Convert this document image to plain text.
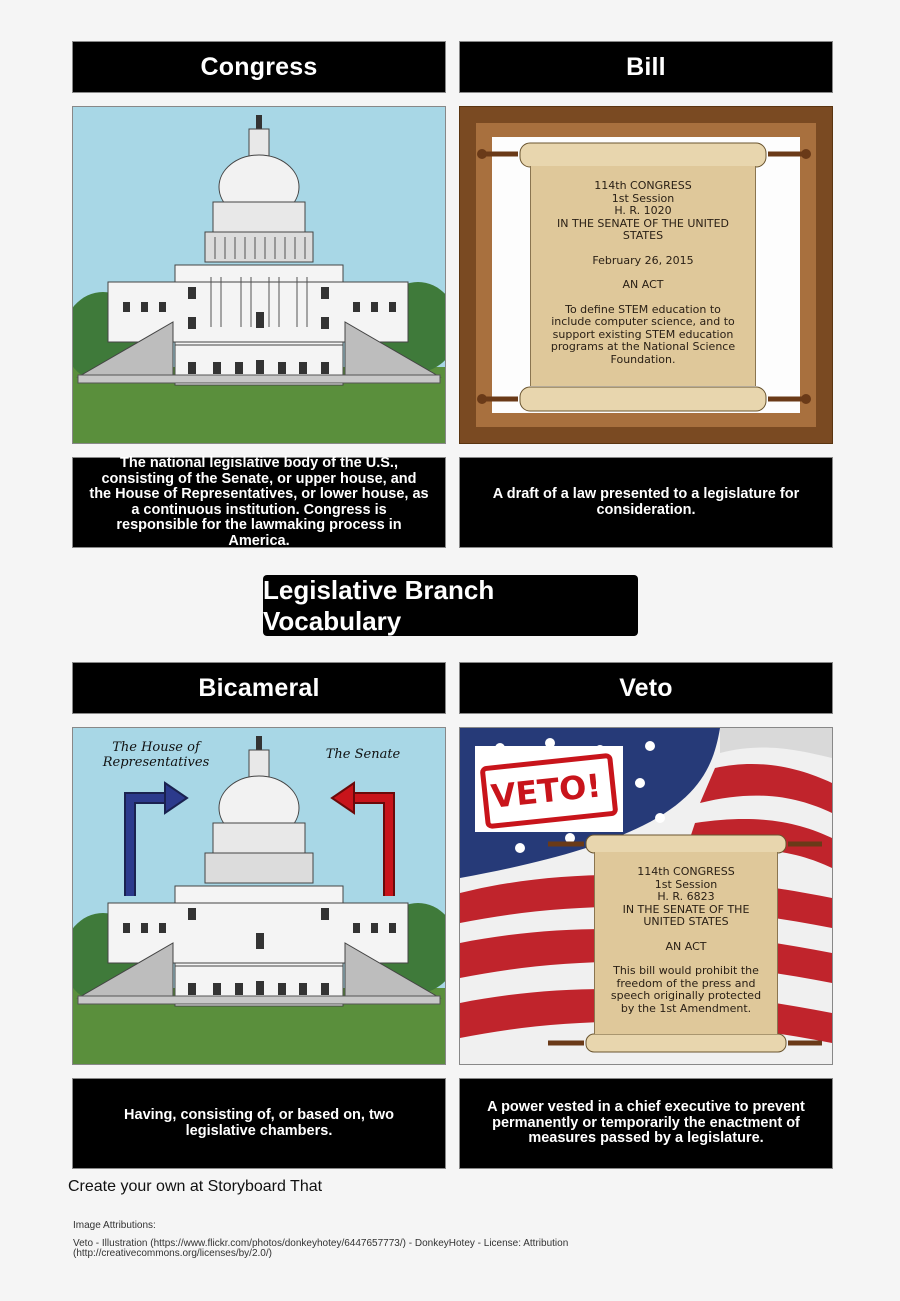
Congress	Bill
114th CONGRESS
1st Session
H. R. 1020
IN THE SENATE OF THE UNITED STATES
February 26, 2015
AN ACT
To define STEM education to include computer science, and to support existing STEM education programs at the National Science Foundation.
The national legislative body of the U.S., consisting of the Senate, or upper house, and the House of Representatives, or lower house, as a continuous institution. Congress is responsible for the lawmaking process in America.
A draft of a law presented to a legislature for consideration.
Legislative Branch Vocabulary
Bicameral	Veto
The House of Representatives
The Senate
VETO!
114th CONGRESS
1st Session
H. R. 6823
IN THE SENATE OF THE UNITED STATES
AN ACT
This bill would prohibit the freedom of the press and speech originally protected by the 1st Amendment.
Having, consisting of, or based on, two legislative chambers.
A power vested in a chief executive to prevent permanently or temporarily the enactment of measures passed by a legislature.
Create your own at Storyboard That
Image Attributions:
Veto - Illustration (https://www.flickr.com/photos/donkeyhotey/6447657773/) - DonkeyHotey - License: Attribution
(http://creativecommons.org/licenses/by/2.0/)
